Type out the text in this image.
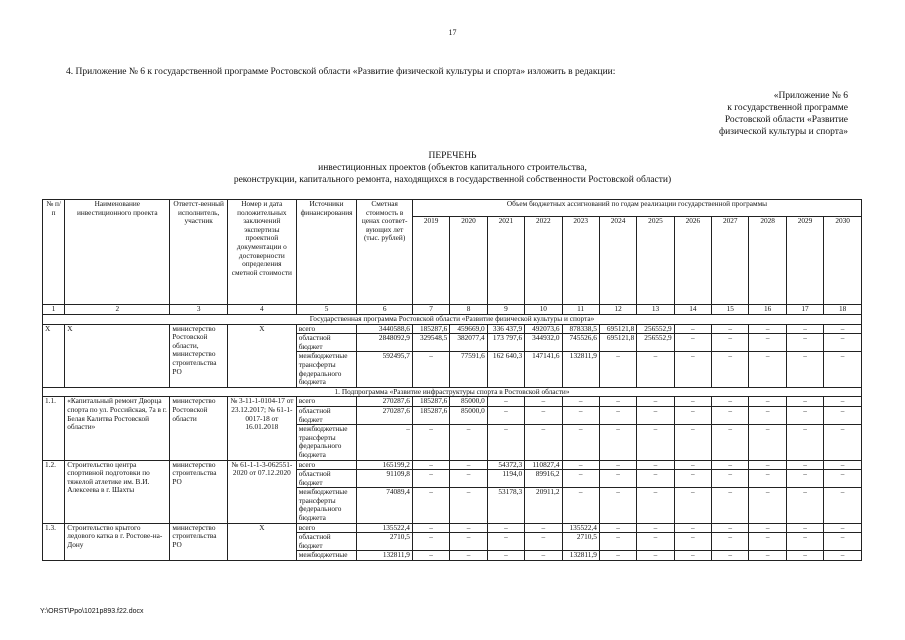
17
4. Приложение № 6 к государственной программе Ростовской области «Развитие физической культуры и спорта» изложить в редакции:
«Приложение № 6
к государственной программе
Ростовской области «Развитие
физической культуры и спорта»
ПЕРЕЧЕНЬ
инвестиционных проектов (объектов капитального строительства,
реконструкции, капитального ремонта, находящихся в государственной собственности Ростовской области)
№ п/п	Наименование инвестиционного проекта	Ответст-венный исполнитель, участник	Номер и дата положительных заключений экспертизы проектной документации о достоверности определения сметной стоимости	Источники финансирования	Сметная стоимость в ценах соответ-вующих лет (тыс. рублей)	Объем бюджетных ассигнований по годам реализации государственной программы											
						2019	2020	2021	2022	2023	2024	2025	2026	2027	2028	2029	2030
1	2	3	4	5	6	7	8	9	10	11	12	13	14	15	16	17	18
Государственная программа Ростовской области «Развитие физической культуры и спорта»																	
Х	Х	министерство Ростовской области, министерство строительства РО	Х	всего	3440588,6	185287,6	459669,0	336 437,9	492073,6	878338,5	695121,8	256552,9	–	–	–	–	–
				областной бюджет	2848092,9	329548,5	382077,4	173 797,6	344932,0	745526,6	695121,8	256552,9	–	–	–	–	–
				межбюджетные трансферты федерального бюджета	592495,7	–	77591,6	162 640,3	147141,6	132811,9	–	–	–	–	–	–	–
1. Подпрограмма «Развитие инфраструктуры спорта в Ростовской области»																	
1.1.	«Капитальный ремонт Дворца спорта по ул. Российская, 7а в г. Белая Калитва Ростовской области»	министерство Ростовской области	№ 3-11-1-0104-17 от 23.12.2017; № 61-1-0017-18 от 16.01.2018	всего	270287,6	185287,6	85000,0	–	–	–	–	–	–	–	–	–	–
				областной бюджет	270287,6	185287,6	85000,0	–	–	–	–	–	–	–	–	–	–
				межбюджетные трансферты федерального бюджета	–	–	–	–	–	–	–	–	–	–	–	–	–
1.2.	Строительство центра спортивной подготовки по тяжелой атлетике им. В.И. Алексеева в г. Шахты	министерство строительства РО	№ 61-1-1-3-062551-2020 от 07.12.2020	всего	165199,2	–	–	54372,3	110827,4	–	–	–	–	–	–	–	–
				областной бюджет	91109,8	–	–	1194,0	89916,2	–	–	–	–	–	–	–	–
				межбюджетные трансферты федерального бюджета	74089,4	–	–	53178,3	20911,2	–	–	–	–	–	–	–	–
1.3.	Строительство крытого ледового катка в г. Ростове-на-Дону	министерство строительства РО	Х	всего	135522,4	–	–	–	–	135522,4	–	–	–	–	–	–	–
				областной бюджет	2710,5	–	–	–	–	2710,5	–	–	–	–	–	–	–
				межбюджетные	132811,9	–	–	–	–	132811,9	–	–	–	–	–	–	–
Y:\ORST\Ppo\1021p893.f22.docx
